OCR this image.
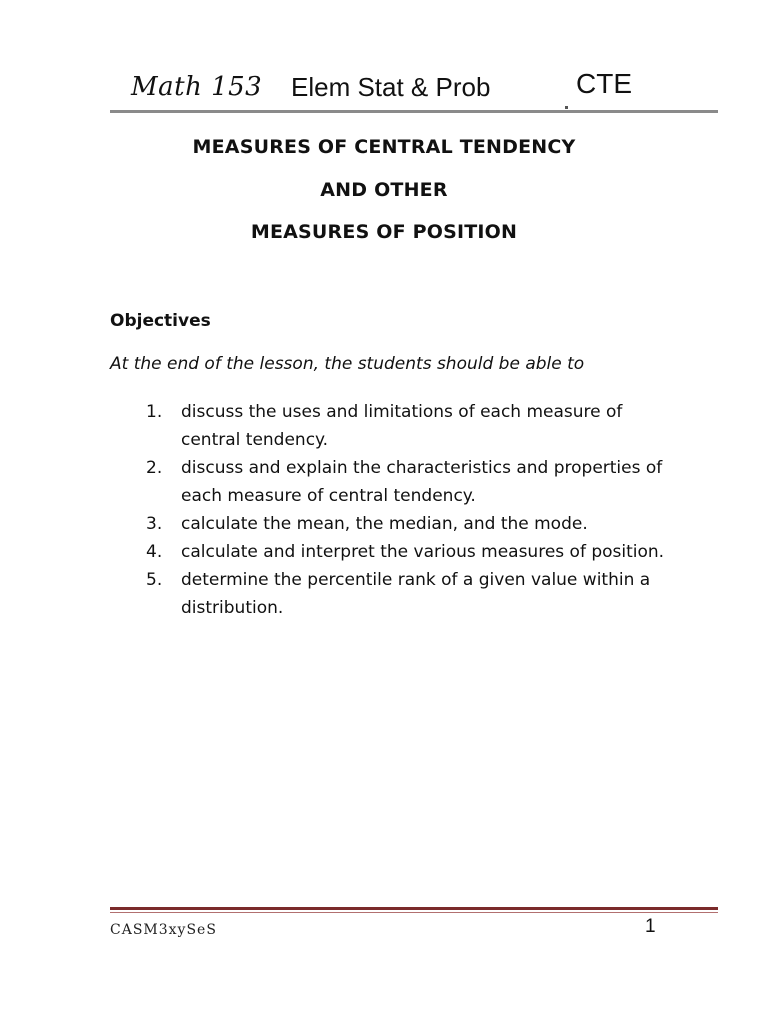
Math 153 Elem Stat & Prob	CTE
MEASURES OF CENTRAL TENDENCY
AND OTHER
MEASURES OF POSITION
Objectives
At the end of the lesson, the students should be able to
1. discuss the uses and limitations of each measure of central tendency.
2. discuss and explain the characteristics and properties of each measure of central tendency.
3. calculate the mean, the median, and the mode.
4. calculate and interpret the various measures of position.
5. determine the percentile rank of a given value within a distribution.
CASM3xySeS	1
